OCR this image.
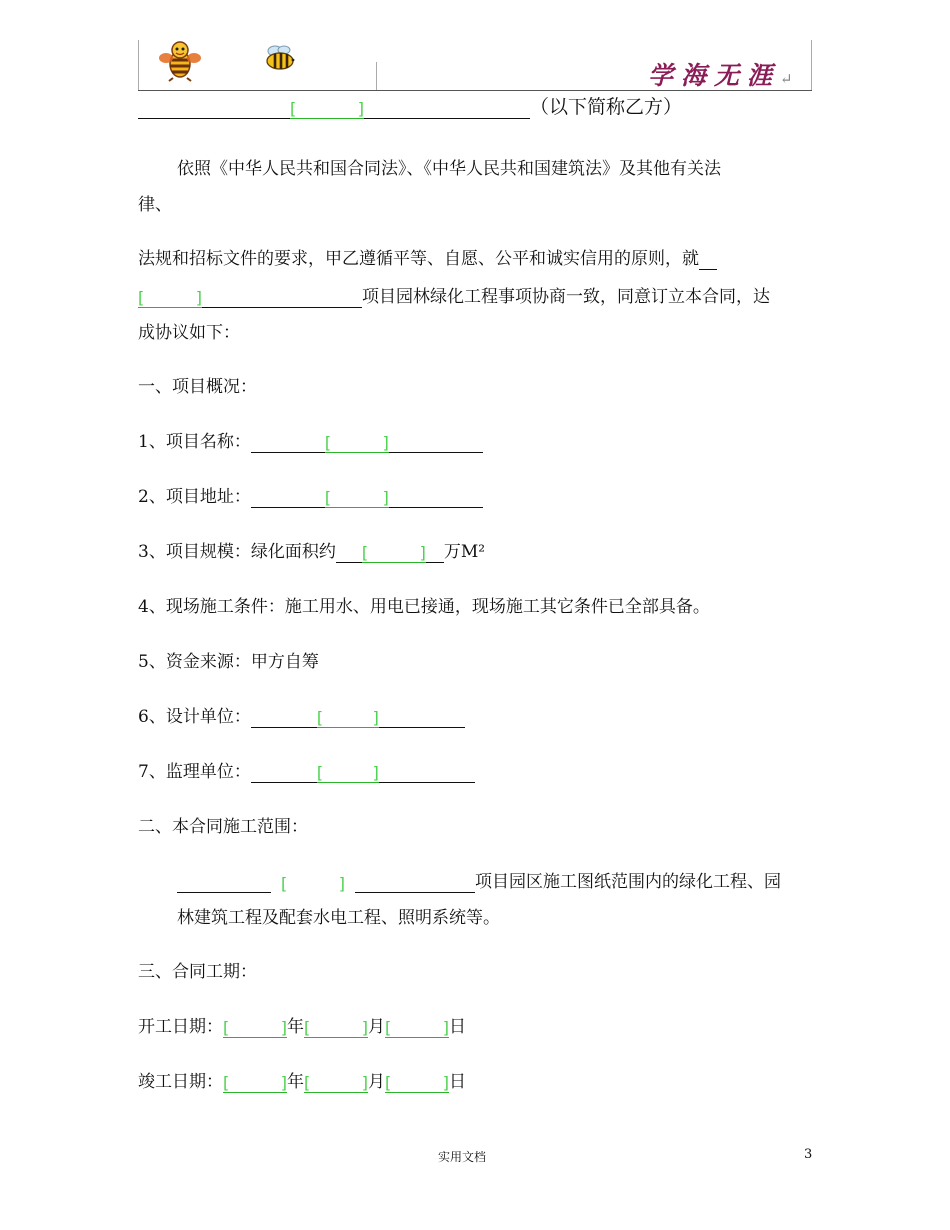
学海无涯↵
[	]	（以下简称乙方）
依照《中华人民共和国合同法》、《中华人民共和国建筑法》及其他有关法
律、
法规和招标文件的要求，甲乙遵循平等、自愿、公平和诚实信用的原则，就
[	]	项目园林绿化工程事项协商一致，同意订立本合同，达
成协议如下：
一、项目概况：
1、项目名称：	[	]
2、项目地址：	[	]
3、项目规模：绿化面积约 [	] 万M²
4、现场施工条件：施工用水、用电已接通，现场施工其它条件已全部具备。
5、资金来源：甲方自筹
6、设计单位：	[	]
7、监理单位：	[	]
二、本合同施工范围：
[	]	项目园区施工图纸范围内的绿化工程、园
林建筑工程及配套水电工程、照明系统等。
三、合同工期：
开工日期： [	] 年 [	] 月 [	] 日
竣工日期： [	] 年 [	] 月 [	] 日
实用文档	3
